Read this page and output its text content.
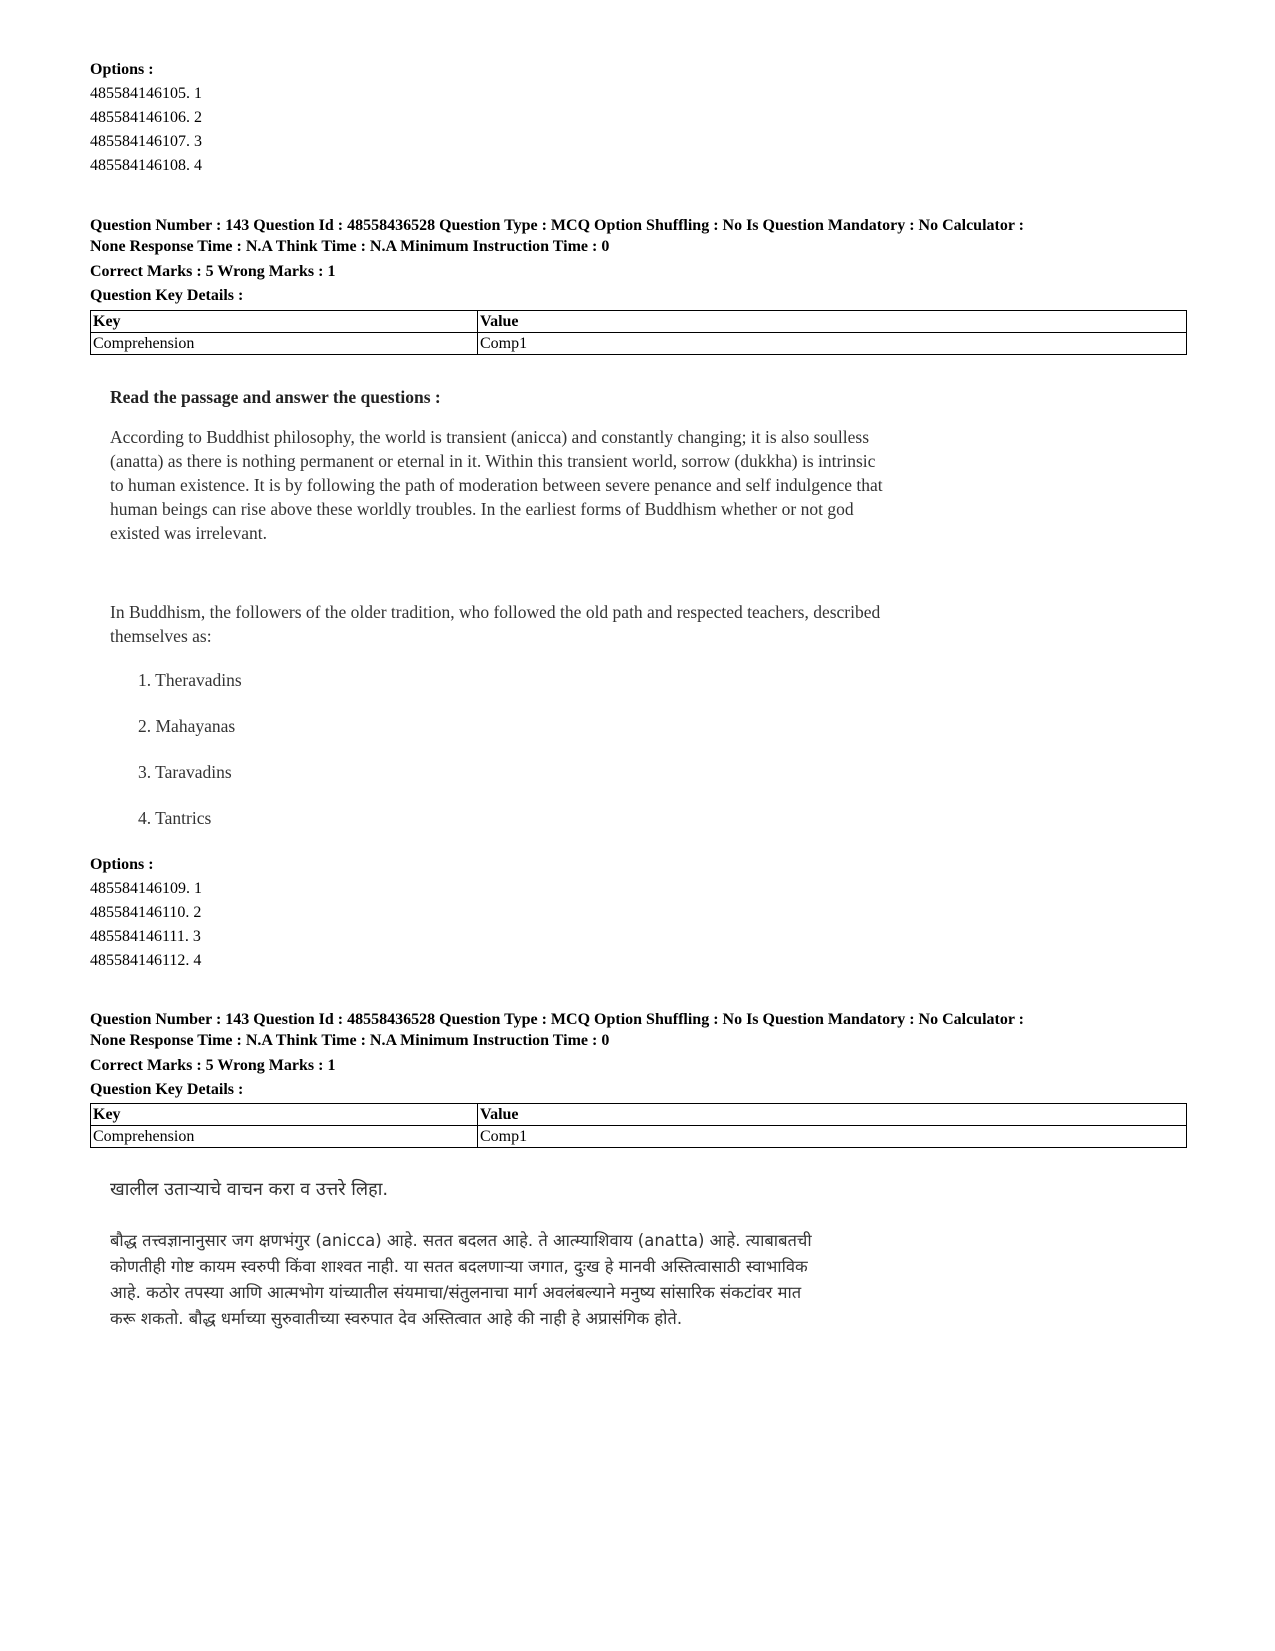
Options :
485584146105. 1
485584146106. 2
485584146107. 3
485584146108. 4
Question Number : 143 Question Id : 48558436528 Question Type : MCQ Option Shuffling : No Is Question Mandatory : No Calculator :
None Response Time : N.A Think Time : N.A Minimum Instruction Time : 0
Correct Marks : 5 Wrong Marks : 1
Question Key Details :
Key	Value
Comprehension	Comp1
Read the passage and answer the questions :
According to Buddhist philosophy, the world is transient (anicca) and constantly changing; it is also soulless
(anatta) as there is nothing permanent or eternal in it. Within this transient world, sorrow (dukkha) is intrinsic
to human existence. It is by following the path of moderation between severe penance and self indulgence that
human beings can rise above these worldly troubles. In the earliest forms of Buddhism whether or not god
existed was irrelevant.
In Buddhism, the followers of the older tradition, who followed the old path and respected teachers, described
themselves as:
1. Theravadins
2. Mahayanas
3. Taravadins
4. Tantrics
Options :
485584146109. 1
485584146110. 2
485584146111. 3
485584146112. 4
Question Number : 143 Question Id : 48558436528 Question Type : MCQ Option Shuffling : No Is Question Mandatory : No Calculator :
None Response Time : N.A Think Time : N.A Minimum Instruction Time : 0
Correct Marks : 5 Wrong Marks : 1
Question Key Details :
Key	Value
Comprehension	Comp1
खालील उताऱ्याचे वाचन करा व उत्तरे लिहा.
बौद्ध तत्त्वज्ञानानुसार जग क्षणभंगुर (anicca) आहे. सतत बदलत आहे. ते आत्म्याशिवाय (anatta) आहे. त्याबाबतची
कोणतीही गोष्ट कायम स्वरुपी किंवा शाश्वत नाही. या सतत बदलणाऱ्या जगात, दुःख हे मानवी अस्तित्वासाठी स्वाभाविक
आहे. कठोर तपस्या आणि आत्मभोग यांच्यातील संयमाचा/संतुलनाचा मार्ग अवलंबल्याने मनुष्य सांसारिक संकटांवर मात
करू शकतो. बौद्ध धर्माच्या सुरुवातीच्या स्वरुपात देव अस्तित्वात आहे की नाही हे अप्रासंगिक होते.
